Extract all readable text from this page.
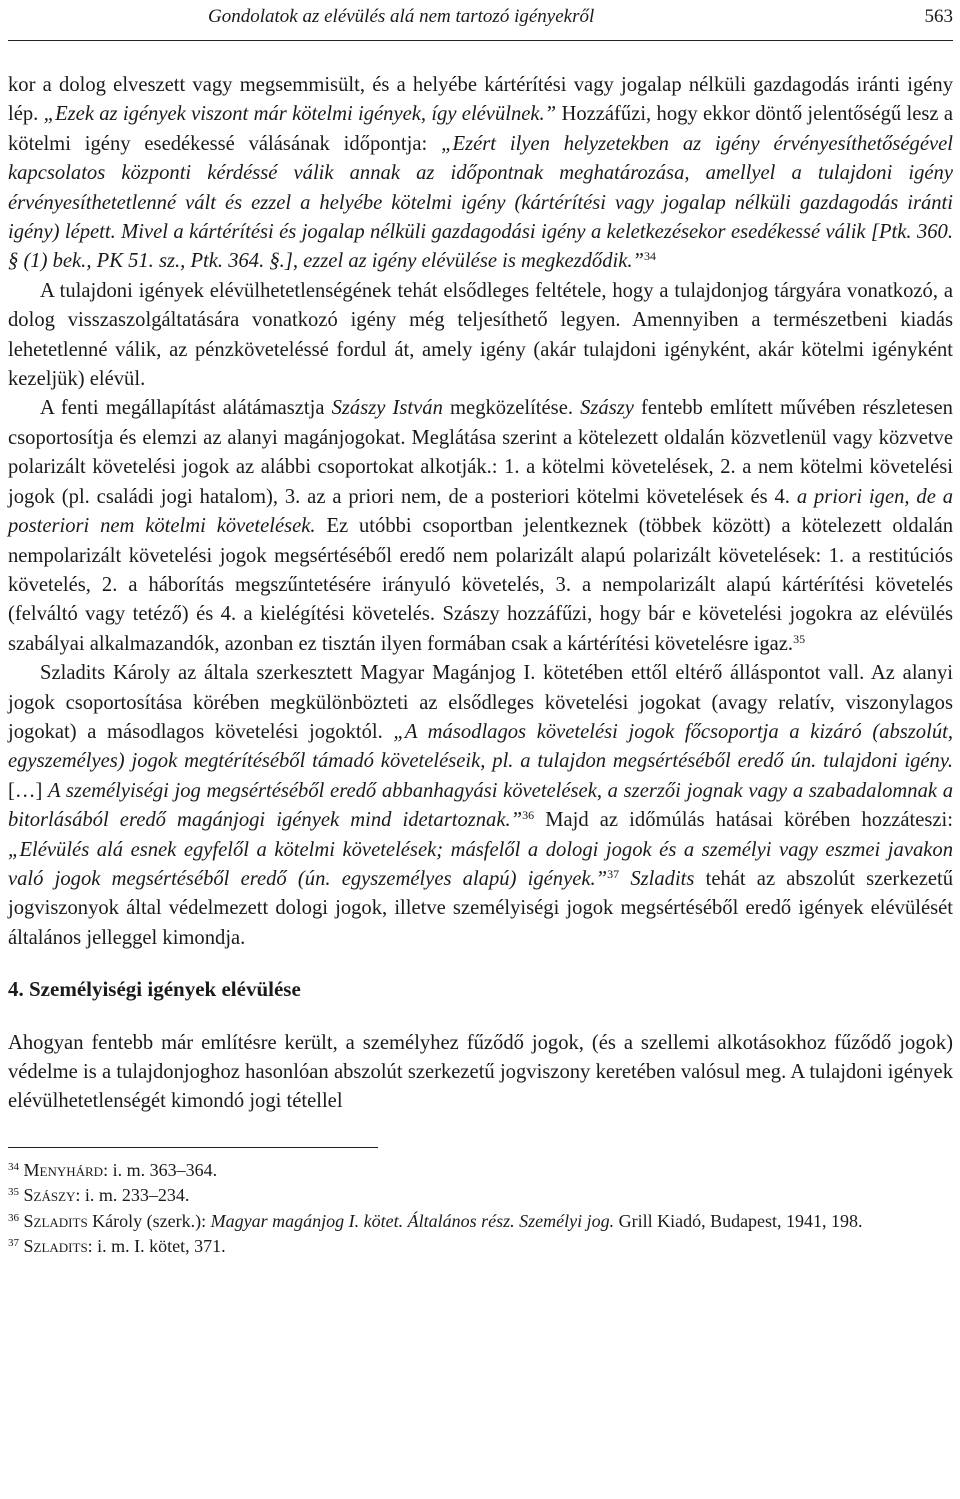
Gondolatok az elévülés alá nem tartozó igényekről	563

kor a dolog elveszett vagy megsemmisült, és a helyébe kártérítési vagy jogalap nélküli gazdagodás iránti igény lép. „Ezek az igények viszont már kötelmi igények, így elévülnek.” Hozzáfűzi, hogy ekkor döntő jelentőségű lesz a kötelmi igény esedékessé válásának időpontja: „Ezért ilyen helyzetekben az igény érvényesíthetőségével kapcsolatos központi kérdéssé válik annak az időpontnak meghatározása, amellyel a tulajdoni igény érvényesíthetetlenné vált és ezzel a helyébe kötelmi igény (kártérítési vagy jogalap nélküli gazdagodás iránti igény) lépett. Mivel a kártérítési és jogalap nélküli gazdagodási igény a keletkezésekor esedékessé válik [Ptk. 360. § (1) bek., PK 51. sz., Ptk. 364. §.], ezzel az igény elévülése is megkezdődik.”$^{34}$

A tulajdoni igények elévülhetetlenségének tehát elsődleges feltétele, hogy a tulajdonjog tárgyára vonatkozó, a dolog visszaszolgáltatására vonatkozó igény még teljesíthető legyen. Amennyiben a természetbeni kiadás lehetetlenné válik, az pénzköveteléssé fordul át, amely igény (akár tulajdoni igényként, akár kötelmi igényként kezeljük) elévül.

A fenti megállapítást alátámasztja Szászy István megközelítése. Szászy fentebb említett művében részletesen csoportosítja és elemzi az alanyi magánjogokat. Meglátása szerint a kötelezett oldalán közvetlenül vagy közvetve polarizált követelési jogok az alábbi csoportokat alkotják.: 1. a kötelmi követelések, 2. a nem kötelmi követelési jogok (pl. családi jogi hatalom), 3. az a priori nem, de a posteriori kötelmi követelések és 4. a priori igen, de a posteriori nem kötelmi követelések. Ez utóbbi csoportban jelentkeznek (többek között) a kötelezett oldalán nempolarizált követelési jogok megsértéséből eredő nem polarizált alapú polarizált követelések: 1. a restitúciós követelés, 2. a háborítás megszűntetésére irányuló követelés, 3. a nempolarizált alapú kártérítési követelés (felváltó vagy tetéző) és 4. a kielégítési követelés. Szászy hozzáfűzi, hogy bár e követelési jogokra az elévülés szabályai alkalmazandók, azonban ez tisztán ilyen formában csak a kártérítési követelésre igaz.$^{35}$

Szladits Károly az általa szerkesztett Magyar Magánjog I. kötetében ettől eltérő álláspontot vall. Az alanyi jogok csoportosítása körében megkülönbözteti az elsődleges követelési jogokat (avagy relatív, viszonylagos jogokat) a másodlagos követelési jogoktól. „A másodlagos követelési jogok főcsoportja a kizáró (abszolút, egyszemélyes) jogok megtérítéséből támadó követeléseik, pl. a tulajdon megsértéséből eredő ún. tulajdoni igény. […] A személyiségi jog megsértéséből eredő abbanhagyási követelések, a szerzői jognak vagy a szabadalomnak a bitorlásából eredő magánjogi igények mind idetartoznak.”$^{36}$ Majd az időmúlás hatásai körében hozzáteszi: „Elévülés alá esnek egyfelől a kötelmi követelések; másfelől a dologi jogok és a személyi vagy eszmei javakon való jogok megsértéséből eredő (ún. egyszemélyes alapú) igények.”$^{37}$ Szladits tehát az abszolút szerkezetű jogviszonyok által védelmezett dologi jogok, illetve személyiségi jogok megsértéséből eredő igények elévülését általános jelleggel kimondja.

4. Személyiségi igények elévülése

Ahogyan fentebb már említésre került, a személyhez fűződő jogok, (és a szellemi alkotásokhoz fűződő jogok) védelme is a tulajdonjoghoz hasonlóan abszolút szerkezetű jogviszony keretében valósul meg. A tulajdoni igények elévülhetetlenségét kimondó jogi tétellel

$^{34}$ Menyhárd: i. m. 363–364.
$^{35}$ Szászy: i. m. 233–234.
$^{36}$ Szladits Károly (szerk.): Magyar magánjog I. kötet. Általános rész. Személyi jog. Grill Kiadó, Budapest, 1941, 198.
$^{37}$ Szladits: i. m. I. kötet, 371.
